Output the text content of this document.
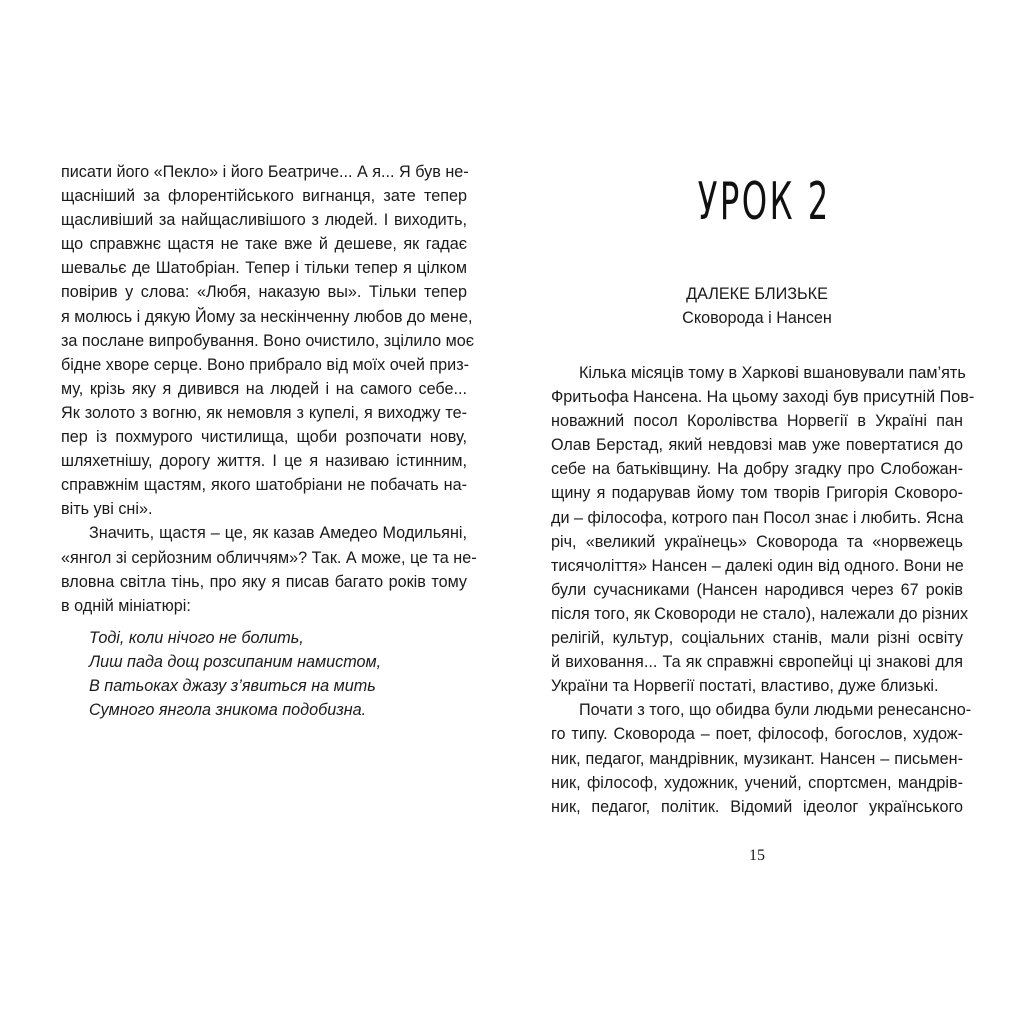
писати його «Пекло» і його Беатриче... А я... Я був не-
щасніший за флорентійського вигнанця, зате тепер
щасливіший за найщасливішого з людей. І виходить,
що справжнє щастя не таке вже й дешеве, як гадає
шевальє де Шатобріан. Тепер і тільки тепер я цілком
повірив у слова: «Любя, наказую вы». Тільки тепер
я молюсь і дякую Йому за нескінченну любов до мене,
за послане випробування. Воно очистило, зцілило моє
бідне хворе серце. Воно прибрало від моїх очей приз-
му, крізь яку я дивився на людей і на самого себе...
Як золото з вогню, як немовля з купелі, я виходжу те-
пер із похмурого чистилища, щоби розпочати нову,
шляхетнішу, дорогу життя. І це я називаю істинним,
справжнім щастям, якого шатобріани не побачать на-
віть уві сні».
Значить, щастя – це, як казав Амедео Модильяні,
«янгол зі серйозним обличчям»? Так. А може, це та не-
вловна світла тінь, про яку я писав багато років тому
в одній мініатюрі:
Тоді, коли нічого не болить,
Лиш пада дощ розсипаним намистом,
В патьоках джазу з’явиться на мить
Сумного янгола зникома подобизна.
УРОК 2
ДАЛЕКЕ БЛИЗЬКЕ
Сковорода і Нансен
15
Кілька місяців тому в Харкові вшановували пам’ять
Фритьофа Нансена. На цьому заході був присутній Пов-
новажний посол Королівства Норвегії в Україні пан
Олав Берстад, який невдовзі мав уже повертатися до
себе на батьківщину. На добру згадку про Слобожан-
щину я подарував йому том творів Григорія Сковоро-
ди – філософа, котрого пан Посол знає і любить. Ясна
річ, «великий українець» Сковорода та «норвежець
тисячоліття» Нансен – далекі один від одного. Вони не
були сучасниками (Нансен народився через 67 років
після того, як Сковороди не стало), належали до різних
релігій, культур, соціальних станів, мали різні освіту
й виховання... Та як справжні європейці ці знакові для
України та Норвегії постаті, властиво, дуже близькі.
Почати з того, що обидва були людьми ренесансно-
го типу. Сковорода – поет, філософ, богослов, худож-
ник, педагог, мандрівник, музикант. Нансен – письмен-
ник, філософ, художник, учений, спортсмен, мандрів-
ник, педагог, політик. Відомий ідеолог українського
